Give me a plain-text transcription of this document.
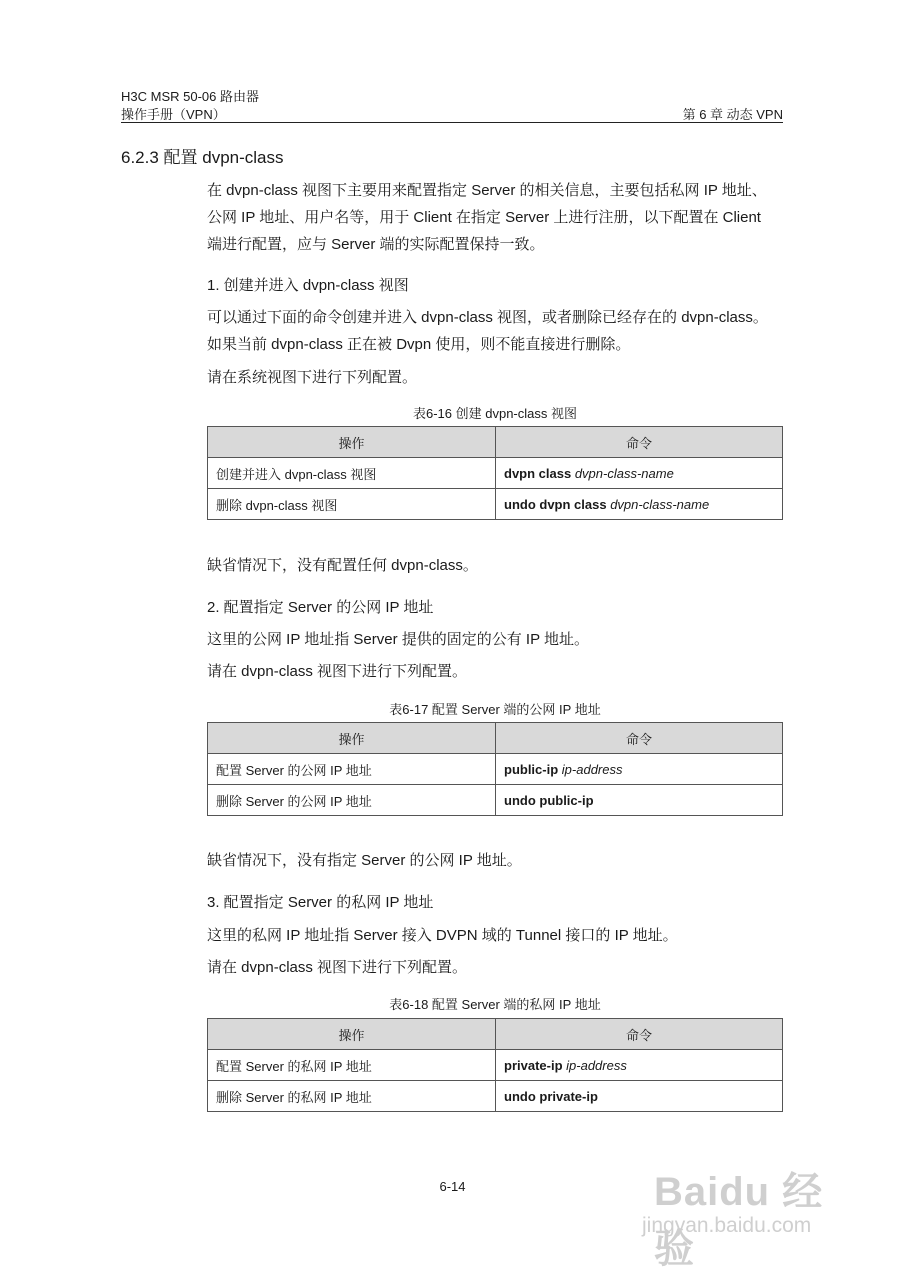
H3C MSR 50-06 路由器
操作手册（VPN）	第 6 章 动态 VPN
6.2.3 配置 dvpn-class
在 dvpn-class 视图下主要用来配置指定 Server 的相关信息，主要包括私网 IP 地址、
公网 IP 地址、用户名等，用于 Client 在指定 Server 上进行注册，以下配置在 Client
端进行配置，应与 Server 端的实际配置保持一致。
1. 创建并进入 dvpn-class 视图
可以通过下面的命令创建并进入 dvpn-class 视图，或者删除已经存在的 dvpn-class。
如果当前 dvpn-class 正在被 Dvpn 使用，则不能直接进行删除。
请在系统视图下进行下列配置。
表6-16 创建 dvpn-class 视图
操作	命令
创建并进入 dvpn-class 视图	dvpn class dvpn-class-name
删除 dvpn-class 视图	undo dvpn class dvpn-class-name
缺省情况下，没有配置任何 dvpn-class。
2. 配置指定 Server 的公网 IP 地址
这里的公网 IP 地址指 Server 提供的固定的公有 IP 地址。
请在 dvpn-class 视图下进行下列配置。
表6-17 配置 Server 端的公网 IP 地址
操作	命令
配置 Server 的公网 IP 地址	public-ip ip-address
删除 Server 的公网 IP 地址	undo public-ip
缺省情况下，没有指定 Server 的公网 IP 地址。
3. 配置指定 Server 的私网 IP 地址
这里的私网 IP 地址指 Server 接入 DVPN 域的 Tunnel 接口的 IP 地址。
请在 dvpn-class 视图下进行下列配置。
表6-18 配置 Server 端的私网 IP 地址
操作	命令
配置 Server 的私网 IP 地址	private-ip ip-address
删除 Server 的私网 IP 地址	undo private-ip
6-14	Baidu 经验
jingyan.baidu.com
